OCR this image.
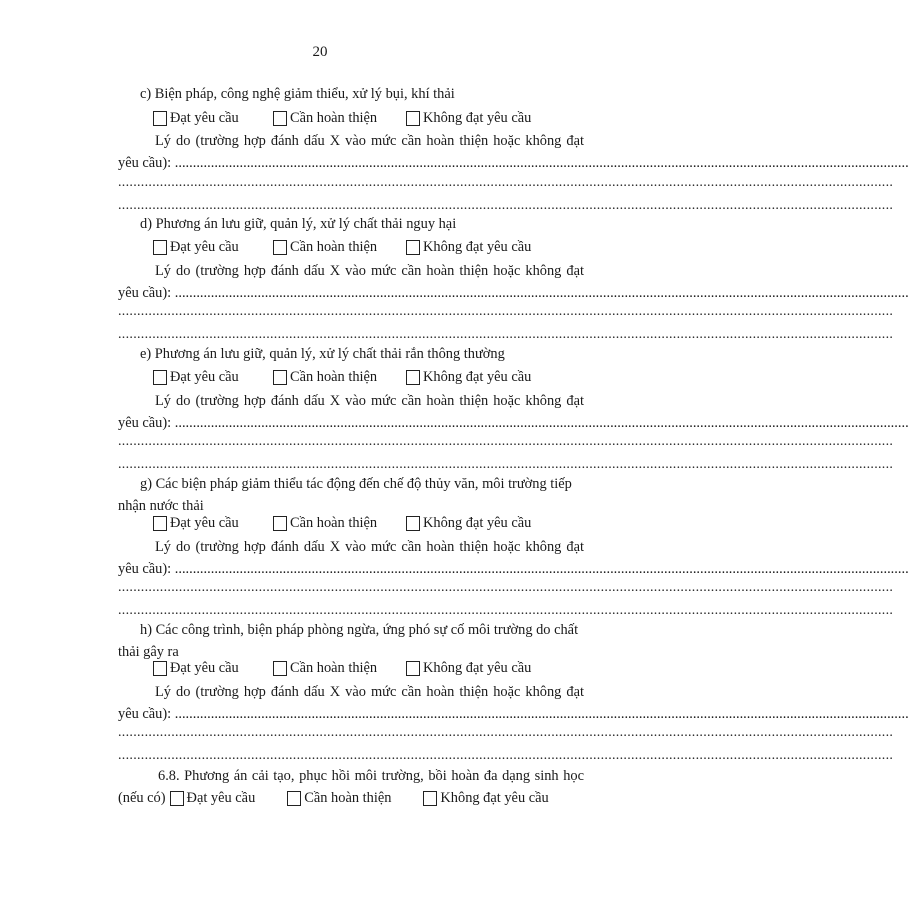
20
c) Biện pháp, công nghệ giảm thiểu, xử lý bụi, khí thải
Đạt yêu cầu	Cần hoàn thiện	Không đạt yêu cầu
Lý do (trường hợp đánh dấu X vào mức cần hoàn thiện hoặc không đạt
yêu cầu): ............................................................................................................................................................................................................
............................................................................................................................................................................................................
............................................................................................................................................................................................................
d) Phương án lưu giữ, quản lý, xử lý chất thải nguy hại
Đạt yêu cầu	Cần hoàn thiện	Không đạt yêu cầu
Lý do (trường hợp đánh dấu X vào mức cần hoàn thiện hoặc không đạt
yêu cầu): ............................................................................................................................................................................................................
............................................................................................................................................................................................................
............................................................................................................................................................................................................
e) Phương án lưu giữ, quản lý, xử lý chất thải rắn thông thường
Đạt yêu cầu	Cần hoàn thiện	Không đạt yêu cầu
Lý do (trường hợp đánh dấu X vào mức cần hoàn thiện hoặc không đạt
yêu cầu): ............................................................................................................................................................................................................
............................................................................................................................................................................................................
............................................................................................................................................................................................................
g) Các biện pháp giảm thiểu tác động đến chế độ thủy văn, môi trường tiếp nhận nước thải
Đạt yêu cầu	Cần hoàn thiện	Không đạt yêu cầu
Lý do (trường hợp đánh dấu X vào mức cần hoàn thiện hoặc không đạt
yêu cầu): ............................................................................................................................................................................................................
............................................................................................................................................................................................................
............................................................................................................................................................................................................
h) Các công trình, biện pháp phòng ngừa, ứng phó sự cố môi trường do chất thải gây ra
Đạt yêu cầu	Cần hoàn thiện	Không đạt yêu cầu
Lý do (trường hợp đánh dấu X vào mức cần hoàn thiện hoặc không đạt
yêu cầu): ............................................................................................................................................................................................................
............................................................................................................................................................................................................
............................................................................................................................................................................................................
6.8. Phương án cải tạo, phục hồi môi trường, bồi hoàn đa dạng sinh học
(nếu có) Đạt yêu cầu	Cần hoàn thiện	Không đạt yêu cầu
